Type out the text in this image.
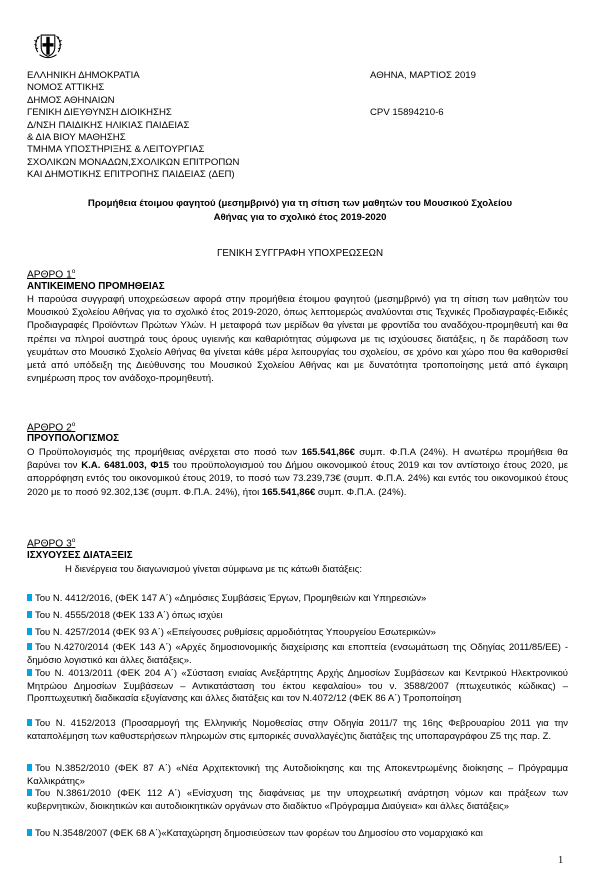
ΕΛΛΗΝΙΚΗ ΔΗΜΟΚΡΑΤΙΑ
ΝΟΜΟΣ ΑΤΤΙΚΗΣ
ΔΗΜΟΣ ΑΘΗΝΑΙΩΝ
ΓΕΝΙΚΗ ΔΙΕΥΘΥΝΣΗ ΔΙΟΙΚΗΣΗΣ
Δ/ΝΣΗ ΠΑΙΔΙΚΗΣ ΗΛΙΚΙΑΣ ΠΑΙΔΕΙΑΣ
& ΔΙΑ ΒΙΟΥ ΜΑΘΗΣΗΣ
ΤΜΗΜΑ ΥΠΟΣΤΗΡΙΞΗΣ & ΛΕΙΤΟΥΡΓΙΑΣ
ΣΧΟΛΙΚΩΝ ΜΟΝΑΔΩΝ,ΣΧΟΛΙΚΩΝ ΕΠΙΤΡΟΠΩΝ
ΚΑΙ ΔΗΜΟΤΙΚΗΣ ΕΠΙΤΡΟΠΗΣ ΠΑΙΔΕΙΑΣ (ΔΕΠ)
ΑΘΗΝΑ, ΜΑΡΤΙΟΣ 2019
CPV 15894210-6
Προμήθεια έτοιμου φαγητού (μεσημβρινό) για τη σίτιση των μαθητών του Μουσικού Σχολείου
Αθήνας για το σχολικό έτος 2019-2020
ΓΕΝΙΚΗ ΣΥΓΓΡΑΦΗ ΥΠΟΧΡΕΩΣΕΩΝ
ΑΡΘΡΟ $1^o$
ΑΝΤΙΚΕΙΜΕΝΟ ΠΡΟΜΗΘΕΙΑΣ
Η παρούσα συγγραφή υποχρεώσεων αφορά στην προμήθεια έτοιμου φαγητού (μεσημβρινό) για τη σίτιση των μαθητών του Μουσικού Σχολείου Αθήνας για το σχολικό έτος 2019-2020, όπως λεπτομερώς αναλύονται στις Τεχνικές Προδιαγραφές-Ειδικές Προδιαγραφές Προϊόντων Πρώτων Υλών. Η μεταφορά των μερίδων θα γίνεται με φροντίδα του αναδόχου-προμηθευτή και θα πρέπει να πληροί αυστηρά τους όρους υγιεινής και καθαριότητας σύμφωνα με τις ισχύουσες διατάξεις, η δε παράδοση των γευμάτων στο Μουσικό Σχολείο Αθήνας θα γίνεται κάθε μέρα λειτουργίας του σχολείου, σε χρόνο και χώρο που θα καθορισθεί μετά από υπόδειξη της Διεύθυνσης του Μουσικού Σχολείου Αθήνας και με δυνατότητα τροποποίησης μετά από έγκαιρη ενημέρωση προς τον ανάδοχο-προμηθευτή.
ΑΡΘΡΟ $2^o$
ΠΡΟΥΠΟΛΟΓΙΣΜΟΣ
Ο Προϋπολογισμός της προμήθειας ανέρχεται στο ποσό των 165.541,86€ συμπ. Φ.Π.Α (24%). Η ανωτέρω προμήθεια θα βαρύνει τον Κ.Α. 6481.003, Φ15 του προϋπολογισμού του Δήμου οικονομικού έτους 2019 και τον αντίστοιχο έτους 2020, με απορρόφηση εντός του οικονομικού έτους 2019, το ποσό των 73.239,73€ (συμπ. Φ.Π.Α. 24%) και εντός του οικονομικού έτους 2020 με το ποσό 92.302,13€ (συμπ. Φ.Π.Α. 24%), ήτοι 165.541,86€ συμπ. Φ.Π.Α. (24%).
ΑΡΘΡΟ $3^o$
ΙΣΧΥΟΥΣΕΣ ΔΙΑΤΑΞΕΙΣ
Η διενέργεια του διαγωνισμού γίνεται σύμφωνα με τις κάτωθι διατάξεις:
Του Ν. 4412/2016, (ΦΕΚ 147 Α΄) «Δημόσιες Συμβάσεις Έργων, Προμηθειών και Υπηρεσιών»
Του Ν. 4555/2018 (ΦΕΚ 133 Α΄) όπως ισχύει
Του Ν. 4257/2014 (ΦΕΚ 93 Α΄) «Επείγουσες ρυθμίσεις αρμοδιότητας Υπουργείου Εσωτερικών»
Του Ν.4270/2014 (ΦΕΚ 143 Α΄) «Αρχές δημοσιονομικής διαχείρισης και εποπτεία (ενσωμάτωση της Οδηγίας 2011/85/ΕΕ) - δημόσιο λογιστικό και άλλες διατάξεις».
Του Ν. 4013/2011 (ΦΕΚ 204 Α΄) «Σύσταση ενιαίας Ανεξάρτητης Αρχής Δημοσίων Συμβάσεων και Κεντρικού Ηλεκτρονικού Μητρώου Δημοσίων Συμβάσεων – Αντικατάσταση του έκτου κεφαλαίου» του ν. 3588/2007 (πτωχευτικός κώδικας) – Προπτωχευτική διαδικασία εξυγίανσης και άλλες διατάξεις και τον Ν.4072/12 (ΦΕΚ 86 Α΄) Τροποποίηση
Του Ν. 4152/2013 (Προσαρμογή της Ελληνικής Νομοθεσίας στην Οδηγία 2011/7 της 16ης Φεβρουαρίου 2011 για την καταπολέμηση των καθυστερήσεων πληρωμών στις εμπορικές συναλλαγές)τις διατάξεις της υποπαραγράφου Ζ5 της παρ. Ζ.
Του Ν.3852/2010 (ΦΕΚ 87 Α΄) «Νέα Αρχιτεκτονική της Αυτοδιοίκησης και της Αποκεντρωμένης διοίκησης – Πρόγραμμα Καλλικράτης»
Του Ν.3861/2010 (ΦΕΚ 112 Α΄) «Ενίσχυση της διαφάνειας με την υποχρεωτική ανάρτηση νόμων και πράξεων των κυβερνητικών, διοικητικών και αυτοδιοικητικών οργάνων στο διαδίκτυο «Πρόγραμμα Διαύγεια» και άλλες διατάξεις»
Του Ν.3548/2007 (ΦΕΚ 68 Α΄)«Καταχώρηση δημοσιεύσεων των φορέων του Δημοσίου στο νομαρχιακό και
1
